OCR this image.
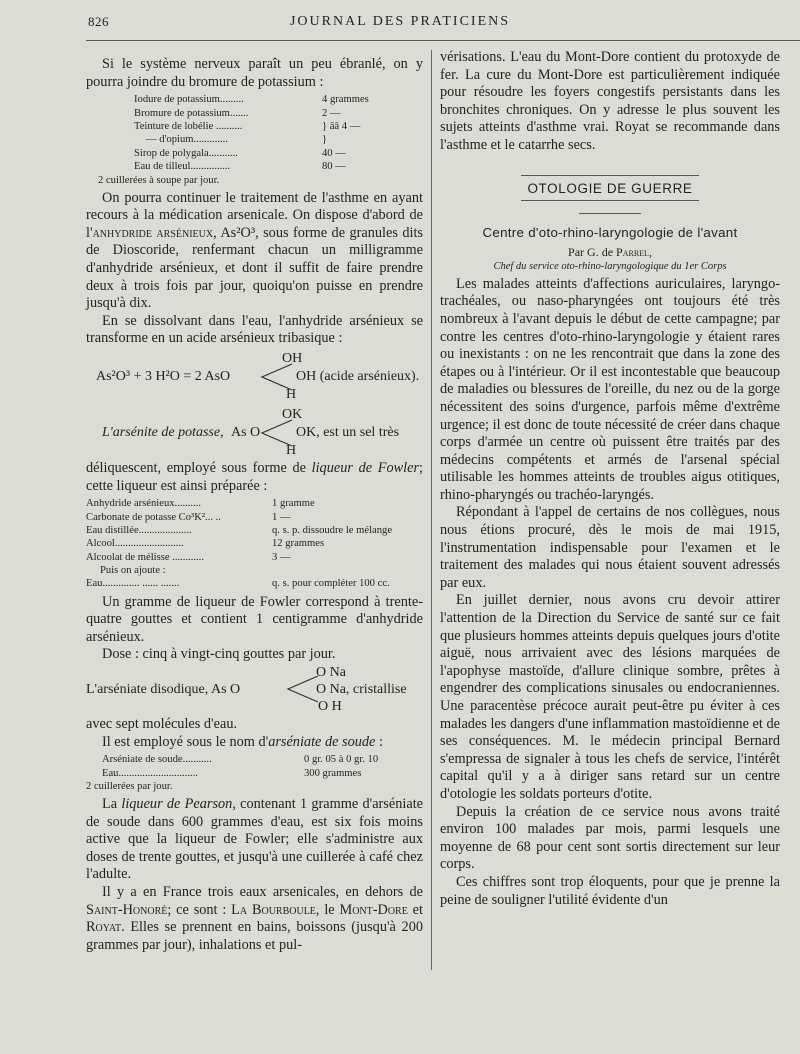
826	JOURNAL DES PRATICIENS

Si le système nerveux paraît un peu ébranlé, on y pourra joindre du bromure de potassium :

Iodure de potassium.........	4 grammes
Bromure de potassium.......	2 —
Teinture de lobélie ..........	} āā 4 —
— d'opium.............	}
Sirop de polygala...........	40 —
Eau de tilleul...............	80 —
2 cuillerées à soupe par jour.

On pourra continuer le traitement de l'asthme en ayant recours à la médication arsenicale. On dispose d'abord de l'anhydride arsénieux, As²O³, sous forme de granules dits de Dioscoride, renfermant chacun un milligramme d'anhydride arsénieux, et dont il suffit de faire prendre deux à trois fois par jour, quoiqu'on puisse en prendre jusqu'à dix.

En se dissolvant dans l'eau, l'anhydride arsénieux se transforme en un acide arsénieux tribasique :

As²O³ + 3 H²O = 2 AsO
OH
OH (acide arsénieux).
H
L'arsénite de potasse, As O
OK
OK, est un sel très
H

déliquescent, employé sous forme de liqueur de Fowler; cette liqueur est ainsi préparée :

Anhydride arsénieux..........	1 gramme
Carbonate de potasse Co³K²... ..	1 —
Eau distillée....................	q. s. p. dissoudre le mélange
Alcool..........................	12 grammes
Alcoolat de mélisse ............	3 —
Puis on ajoute :
Eau.............. ...... .......	q. s. pour compléter 100 cc.

Un gramme de liqueur de Fowler correspond à trente-quatre gouttes et contient 1 centigramme d'anhydride arsénieux.

Dose : cinq à vingt-cinq gouttes par jour.

L'arséniate disodique, As O
O Na
O Na, cristallise
O H

avec sept molécules d'eau.

Il est employé sous le nom d'arséniate de soude :

Arséniate de soude...........	0 gr. 05 à 0 gr. 10
Eau..............................	300 grammes
2 cuillerées par jour.

La liqueur de Pearson, contenant 1 gramme d'arséniate de soude dans 600 grammes d'eau, est six fois moins active que la liqueur de Fowler; elle s'administre aux doses de trente gouttes, et jusqu'à une cuillerée à café chez l'adulte.

Il y a en France trois eaux arsenicales, en dehors de Saint-Honoré; ce sont : La Bourboule, le Mont-Dore et Royat. Elles se prennent en bains, boissons (jusqu'à 200 grammes par jour), inhalations et pul-

vérisations. L'eau du Mont-Dore contient du protoxyde de fer. La cure du Mont-Dore est particulièrement indiquée pour résoudre les foyers congestifs persistants dans les bronchites chroniques. On y adresse le plus souvent les sujets atteints d'asthme vrai. Royat se recommande dans l'asthme et le catarrhe secs.

OTOLOGIE DE GUERRE
Centre d'oto-rhino-laryngologie de l'avant
Par G. de Parrel,
Chef du service oto-rhino-laryngologique du 1er Corps

Les malades atteints d'affections auriculaires, laryngo-trachéales, ou naso-pharyngées ont toujours été très nombreux à l'avant depuis le début de cette campagne; par contre les centres d'oto-rhino-laryngologie y étaient rares ou inexistants : on ne les rencontrait que dans la zone des étapes ou à l'intérieur. Or il est incontestable que beaucoup de maladies ou blessures de l'oreille, du nez ou de la gorge nécessitent des soins d'urgence, parfois même d'extrême urgence; il est donc de toute nécessité de créer dans chaque corps d'armée un centre où puissent être traités par des médecins compétents et armés de l'arsenal spécial utilisable les hommes atteints de troubles aigus otitiques, rhino-pharyngés ou trachéo-laryngés.

Répondant à l'appel de certains de nos collègues, nous nous étions procuré, dès le mois de mai 1915, l'instrumentation indispensable pour l'examen et le traitement des malades qui nous étaient souvent adressés par eux.

En juillet dernier, nous avons cru devoir attirer l'attention de la Direction du Service de santé sur ce fait que plusieurs hommes atteints depuis quelques jours d'otite aiguë, nous arrivaient avec des lésions marquées de l'apophyse mastoïde, d'allure clinique sombre, prêtes à engendrer des complications sinusales ou endocraniennes. Une paracentèse précoce aurait peut-être pu éviter à ces malades les dangers d'une inflammation mastoïdienne et de ses conséquences. M. le médecin principal Bernard s'empressa de signaler à tous les chefs de service, l'intérêt capital qu'il y a à diriger sans retard sur un centre d'otologie les soldats porteurs d'otite.

Depuis la création de ce service nous avons traité environ 100 malades par mois, parmi lesquels une moyenne de 68 pour cent sont sortis directement sur leur corps.

Ces chiffres sont trop éloquents, pour que je prenne la peine de souligner l'utilité évidente d'un
